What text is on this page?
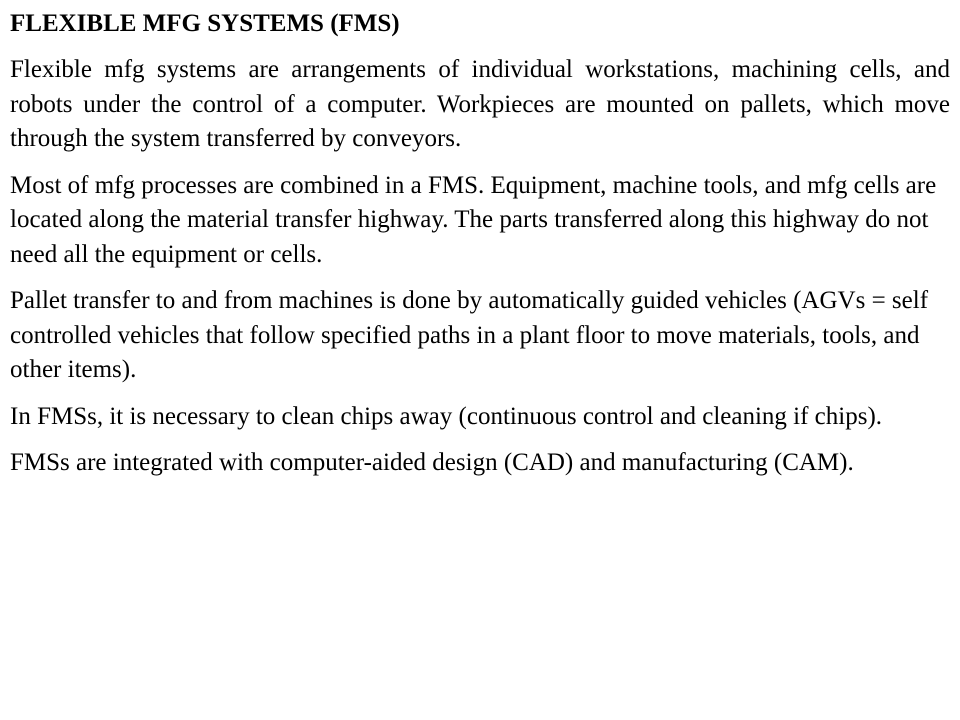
FLEXIBLE MFG SYSTEMS (FMS)

Flexible mfg systems are arrangements of individual workstations, machining cells, and robots under the control of a computer. Workpieces are mounted on pallets, which move through the system transferred by conveyors.

Most of mfg processes are combined in a FMS. Equipment, machine tools, and mfg cells are located along the material transfer highway. The parts transferred along this highway do not need all the equipment or cells.

Pallet transfer to and from machines is done by automatically guided vehicles (AGVs = self controlled vehicles that follow specified paths in a plant floor to move materials, tools, and other items).

In FMSs, it is necessary to clean chips away (continuous control and cleaning if chips).

FMSs are integrated with computer-aided design (CAD) and manufacturing (CAM).
